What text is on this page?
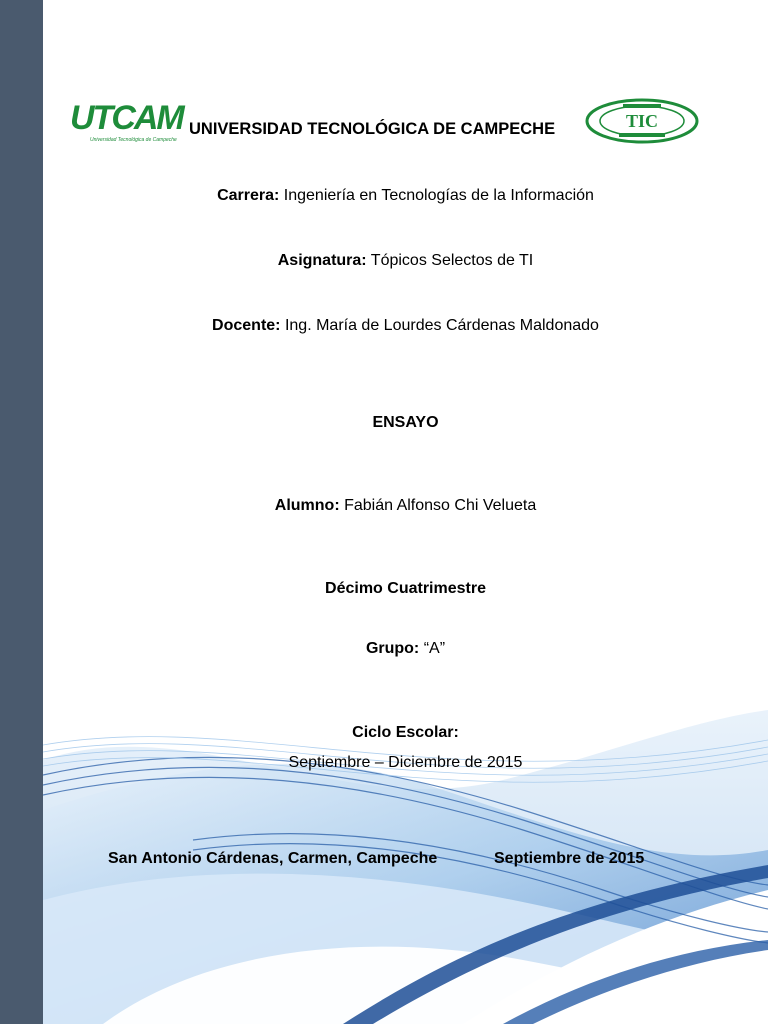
UTCAM
Universidad Tecnológica de Campeche
UNIVERSIDAD TECNOLÓGICA DE CAMPECHE	TIC
Carrera: Ingeniería en Tecnologías de la Información
Asignatura: Tópicos Selectos de TI
Docente: Ing. María de Lourdes Cárdenas Maldonado
ENSAYO
Alumno: Fabián Alfonso Chi Velueta
Décimo Cuatrimestre
Grupo: “A”
Ciclo Escolar:
Septiembre – Diciembre de 2015
San Antonio Cárdenas, Carmen, Campeche	Septiembre de 2015
